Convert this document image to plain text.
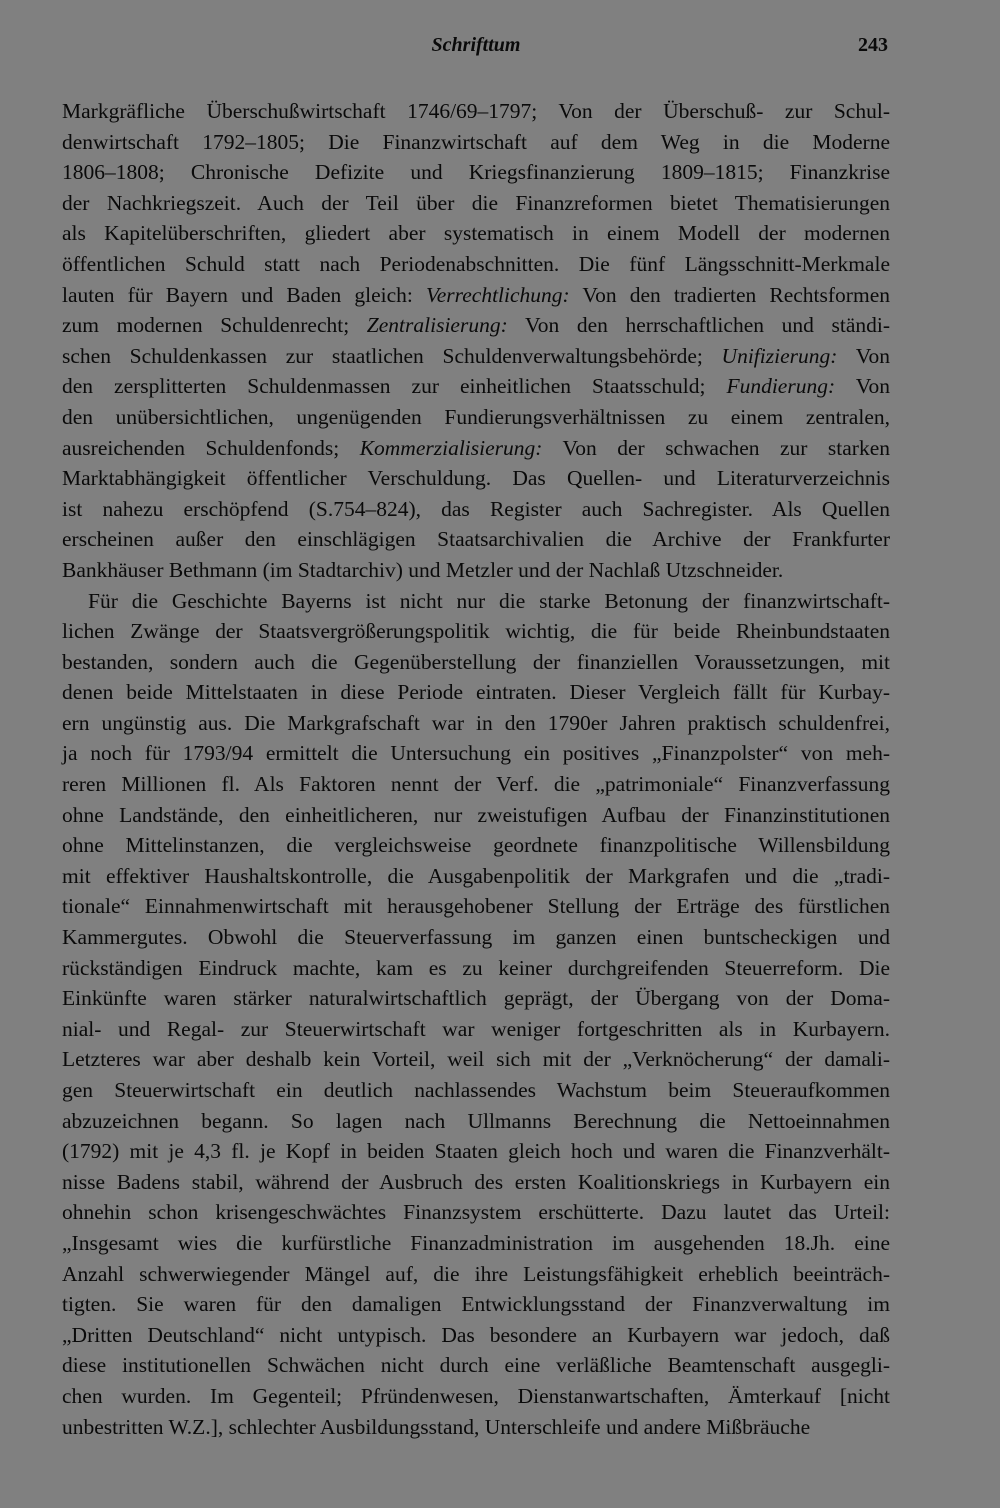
Schrifttum	243
Markgräfliche Überschußwirtschaft 1746/69–1797; Von der Überschuß- zur Schul-
denwirtschaft 1792–1805; Die Finanzwirtschaft auf dem Weg in die Moderne
1806–1808; Chronische Defizite und Kriegsfinanzierung 1809–1815; Finanzkrise
der Nachkriegszeit. Auch der Teil über die Finanzreformen bietet Thematisierungen
als Kapitelüberschriften, gliedert aber systematisch in einem Modell der modernen
öffentlichen Schuld statt nach Periodenabschnitten. Die fünf Längsschnitt-Merkmale
lauten für Bayern und Baden gleich: Verrechtlichung: Von den tradierten Rechtsformen
zum modernen Schuldenrecht; Zentralisierung: Von den herrschaftlichen und ständi-
schen Schuldenkassen zur staatlichen Schuldenverwaltungsbehörde; Unifizierung: Von
den zersplitterten Schuldenmassen zur einheitlichen Staatsschuld; Fundierung: Von
den unübersichtlichen, ungenügenden Fundierungsverhältnissen zu einem zentralen,
ausreichenden Schuldenfonds; Kommerzialisierung: Von der schwachen zur starken
Marktabhängigkeit öffentlicher Verschuldung. Das Quellen- und Literaturverzeichnis
ist nahezu erschöpfend (S.754–824), das Register auch Sachregister. Als Quellen
erscheinen außer den einschlägigen Staatsarchivalien die Archive der Frankfurter
Bankhäuser Bethmann (im Stadtarchiv) und Metzler und der Nachlaß Utzschneider.
Für die Geschichte Bayerns ist nicht nur die starke Betonung der finanzwirtschaft-
lichen Zwänge der Staatsvergrößerungspolitik wichtig, die für beide Rheinbundstaaten
bestanden, sondern auch die Gegenüberstellung der finanziellen Voraussetzungen, mit
denen beide Mittelstaaten in diese Periode eintraten. Dieser Vergleich fällt für Kurbay-
ern ungünstig aus. Die Markgrafschaft war in den 1790er Jahren praktisch schuldenfrei,
ja noch für 1793/94 ermittelt die Untersuchung ein positives „Finanzpolster“ von meh-
reren Millionen fl. Als Faktoren nennt der Verf. die „patrimoniale“ Finanzverfassung
ohne Landstände, den einheitlicheren, nur zweistufigen Aufbau der Finanzinstitutionen
ohne Mittelinstanzen, die vergleichsweise geordnete finanzpolitische Willensbildung
mit effektiver Haushaltskontrolle, die Ausgabenpolitik der Markgrafen und die „tradi-
tionale“ Einnahmenwirtschaft mit herausgehobener Stellung der Erträge des fürstlichen
Kammergutes. Obwohl die Steuerverfassung im ganzen einen buntscheckigen und
rückständigen Eindruck machte, kam es zu keiner durchgreifenden Steuerreform. Die
Einkünfte waren stärker naturalwirtschaftlich geprägt, der Übergang von der Doma-
nial- und Regal- zur Steuerwirtschaft war weniger fortgeschritten als in Kurbayern.
Letzteres war aber deshalb kein Vorteil, weil sich mit der „Verknöcherung“ der damali-
gen Steuerwirtschaft ein deutlich nachlassendes Wachstum beim Steueraufkommen
abzuzeichnen begann. So lagen nach Ullmanns Berechnung die Nettoeinnahmen
(1792) mit je 4,3 fl. je Kopf in beiden Staaten gleich hoch und waren die Finanzverhält-
nisse Badens stabil, während der Ausbruch des ersten Koalitionskriegs in Kurbayern ein
ohnehin schon krisengeschwächtes Finanzsystem erschütterte. Dazu lautet das Urteil:
„Insgesamt wies die kurfürstliche Finanzadministration im ausgehenden 18.Jh. eine
Anzahl schwerwiegender Mängel auf, die ihre Leistungsfähigkeit erheblich beeinträch-
tigten. Sie waren für den damaligen Entwicklungsstand der Finanzverwaltung im
„Dritten Deutschland“ nicht untypisch. Das besondere an Kurbayern war jedoch, daß
diese institutionellen Schwächen nicht durch eine verläßliche Beamtenschaft ausgegli-
chen wurden. Im Gegenteil; Pfründenwesen, Dienstanwartschaften, Ämterkauf [nicht
unbestritten W.Z.], schlechter Ausbildungsstand, Unterschleife und andere Mißbräuche
